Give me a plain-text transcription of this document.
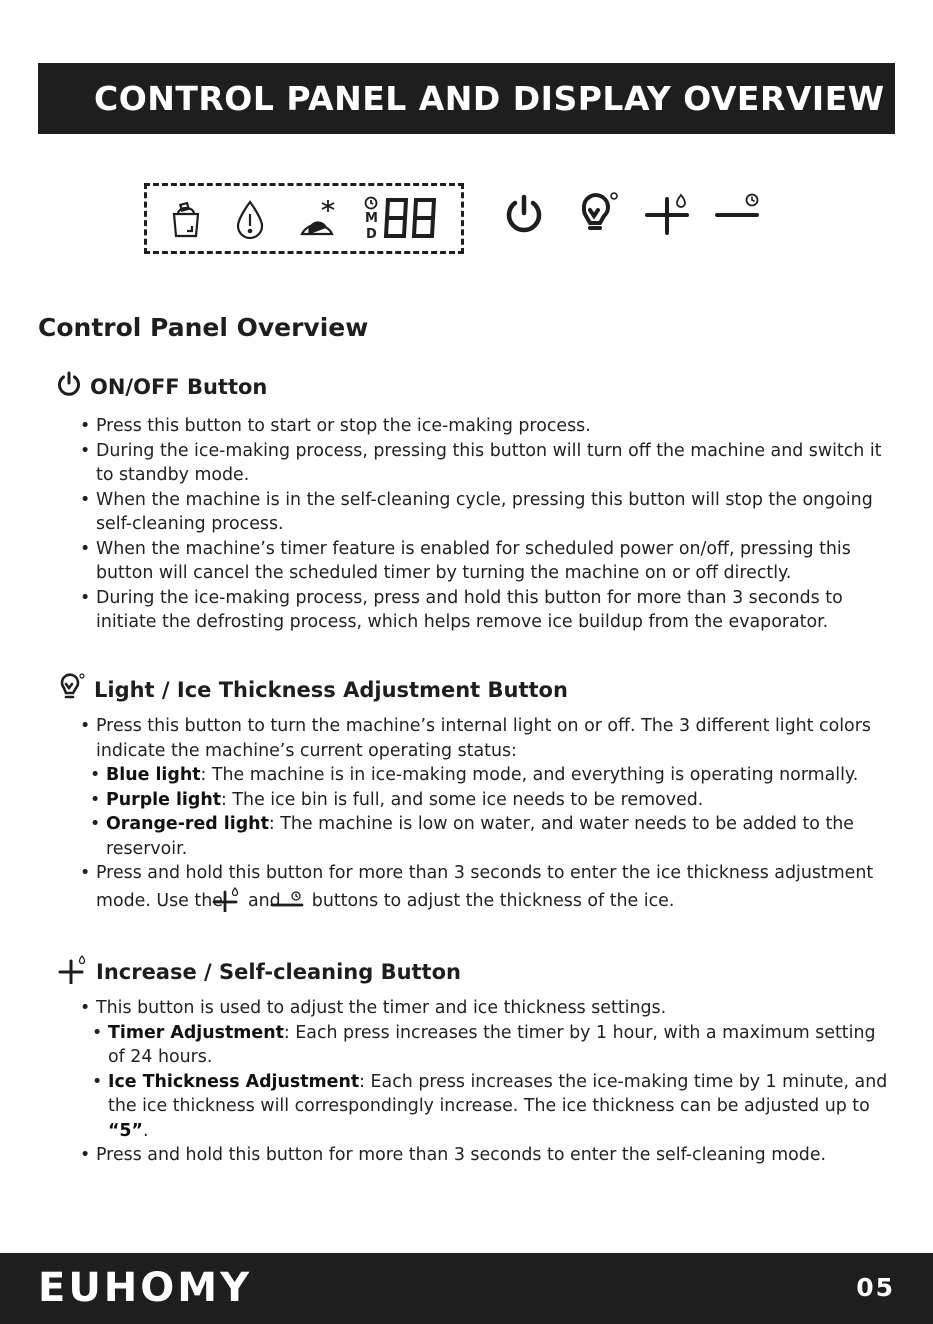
CONTROL PANEL AND DISPLAY OVERVIEW
M
D
Control Panel Overview
ON/OFF Button
• Press this button to start or stop the ice-making process.
• During the ice-making process, pressing this button will turn off the machine and switch it to standby mode.
• When the machine is in the self-cleaning cycle, pressing this button will stop the ongoing self-cleaning process.
• When the machine’s timer feature is enabled for scheduled power on/off, pressing this button will cancel the scheduled timer by turning the machine on or off directly.
• During the ice-making process, press and hold this button for more than 3 seconds to initiate the defrosting process, which helps remove ice buildup from the evaporator.
Light / Ice Thickness Adjustment Button
• Press this button to turn the machine’s internal light on or off. The 3 different light colors indicate the machine’s current operating status:
• Blue light: The machine is in ice-making mode, and everything is operating normally.
• Purple light: The ice bin is full, and some ice needs to be removed.
• Orange-red light: The machine is low on water, and water needs to be added to the reservoir.
• Press and hold this button for more than 3 seconds to enter the ice thickness adjustment mode. Use the and buttons to adjust the thickness of the ice.
Increase / Self-cleaning Button
• This button is used to adjust the timer and ice thickness settings.
• Timer Adjustment: Each press increases the timer by 1 hour, with a maximum setting of 24 hours.
• Ice Thickness Adjustment: Each press increases the ice-making time by 1 minute, and the ice thickness will correspondingly increase. The ice thickness can be adjusted up to “5”.
• Press and hold this button for more than 3 seconds to enter the self-cleaning mode.
EUHOMY	05
